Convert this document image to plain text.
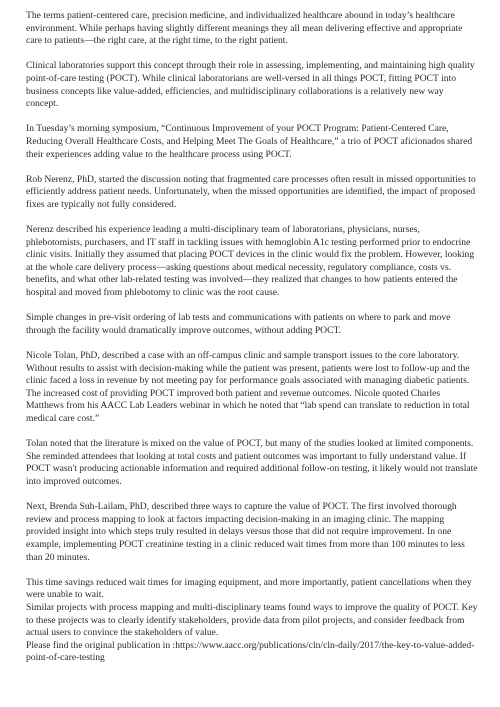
The terms patient-centered care, precision medicine, and individualized healthcare abound in today’s healthcare environment. While perhaps having slightly different meanings they all mean delivering effective and appropriate care to patients—the right care, at the right time, to the right patient.

Clinical laboratories support this concept through their role in assessing, implementing, and maintaining high quality point-of-care testing (POCT). While clinical laboratorians are well-versed in all things POCT, fitting POCT into business concepts like value-added, efficiencies, and multidisciplinary collaborations is a relatively new way concept.

In Tuesday’s morning symposium, “Continuous Improvement of your POCT Program: Patient-Centered Care, Reducing Overall Healthcare Costs, and Helping Meet The Goals of Healthcare,” a trio of POCT aficionados shared their experiences adding value to the healthcare process using POCT.

Rob Nerenz, PhD, started the discussion noting that fragmented care processes often result in missed opportunities to efficiently address patient needs. Unfortunately, when the missed opportunities are identified, the impact of proposed fixes are typically not fully considered.

Nerenz described his experience leading a multi-disciplinary team of laboratorians, physicians, nurses, phlebotomists, purchasers, and IT staff in tackling issues with hemoglobin A1c testing performed prior to endocrine clinic visits. Initially they assumed that placing POCT devices in the clinic would fix the problem. However, looking at the whole care delivery process—asking questions about medical necessity, regulatory compliance, costs vs. benefits, and what other lab-related testing was involved—they realized that changes to how patients entered the hospital and moved from phlebotomy to clinic was the root cause.

Simple changes in pre-visit ordering of lab tests and communications with patients on where to park and move through the facility would dramatically improve outcomes, without adding POCT.

Nicole Tolan, PhD, described a case with an off-campus clinic and sample transport issues to the core laboratory. Without results to assist with decision-making while the patient was present, patients were lost to follow-up and the clinic faced a loss in revenue by not meeting pay for performance goals associated with managing diabetic patients. The increased cost of providing POCT improved both patient and revenue outcomes. Nicole quoted Charles Matthews from his AACC Lab Leaders webinar in which he noted that “lab spend can translate to reduction in total medical care cost.”

Tolan noted that the literature is mixed on the value of POCT, but many of the studies looked at limited components. She reminded attendees that looking at total costs and patient outcomes was important to fully understand value. If POCT wasn't producing actionable information and required additional follow-on testing, it likely would not translate into improved outcomes.

Next, Brenda Suh-Lailam, PhD, described three ways to capture the value of POCT. The first involved thorough review and process mapping to look at factors impacting decision-making in an imaging clinic. The mapping provided insight into which steps truly resulted in delays versus those that did not require improvement. In one example, implementing POCT creatinine testing in a clinic reduced wait times from more than 100 minutes to less than 20 minutes.

This time savings reduced wait times for imaging equipment, and more importantly, patient cancellations when they were unable to wait.

Similar projects with process mapping and multi-disciplinary teams found ways to improve the quality of POCT. Key to these projects was to clearly identify stakeholders, provide data from pilot projects, and consider feedback from actual users to convince the stakeholders of value.

Please find the original publication in :https://www.aacc.org/publications/cln/cln-daily/2017/the-key-to-value-added-point-of-care-testing
